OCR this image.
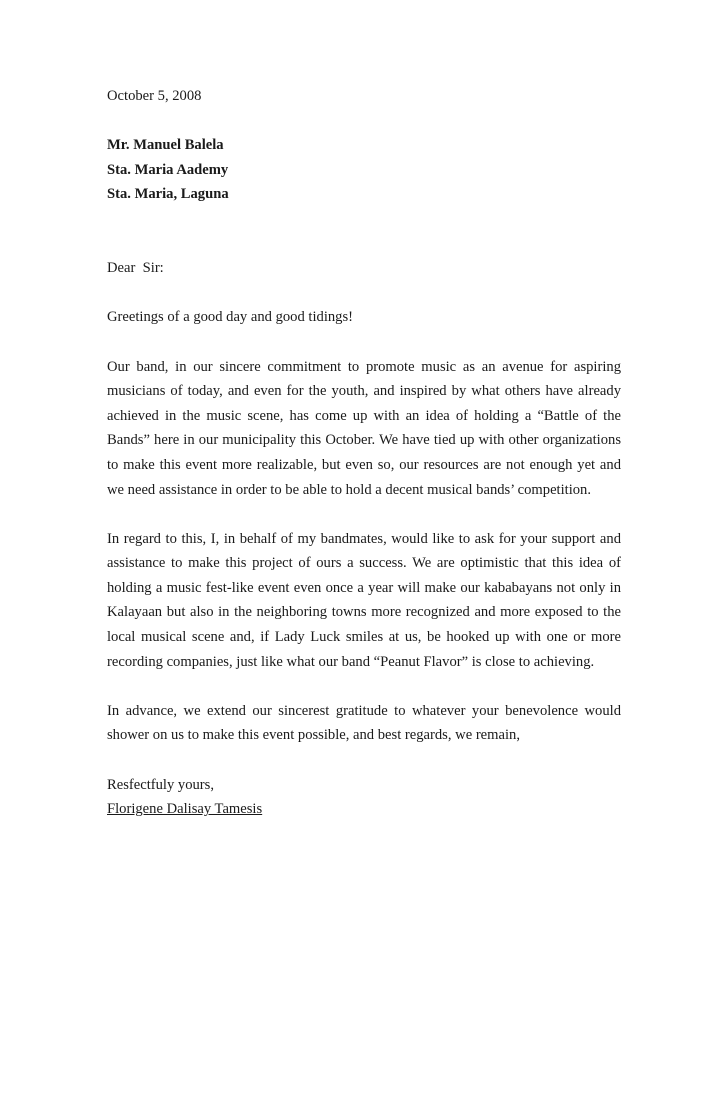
October 5, 2008

Mr. Manuel Balela
Sta. Maria Aademy
Sta. Maria, Laguna

Dear  Sir:

Greetings of a good day and good tidings!

Our band, in our sincere commitment to promote music as an avenue for aspiring musicians of today, and even for the youth, and inspired by what others have already achieved in the music scene, has come up with an idea of holding a “Battle of the Bands” here in our municipality this October. We have tied up with other organizations to make this event more realizable, but even so, our resources are not enough yet and we need assistance in order to be able to hold a decent musical bands’ competition.

In regard to this, I, in behalf of my bandmates, would like to ask for your support and assistance to make this project of ours a success. We are optimistic that this idea of holding a music fest-like event even once a year will make our kababayans not only in Kalayaan but also in the neighboring towns more recognized and more exposed to the local musical scene and, if Lady Luck smiles at us, be hooked up with one or more recording companies, just like what our band “Peanut Flavor” is close to achieving.

In advance, we extend our sincerest gratitude to whatever your benevolence would shower on us to make this event possible, and best regards, we remain,

Resfectfuly yours,

Florigene Dalisay Tamesis
